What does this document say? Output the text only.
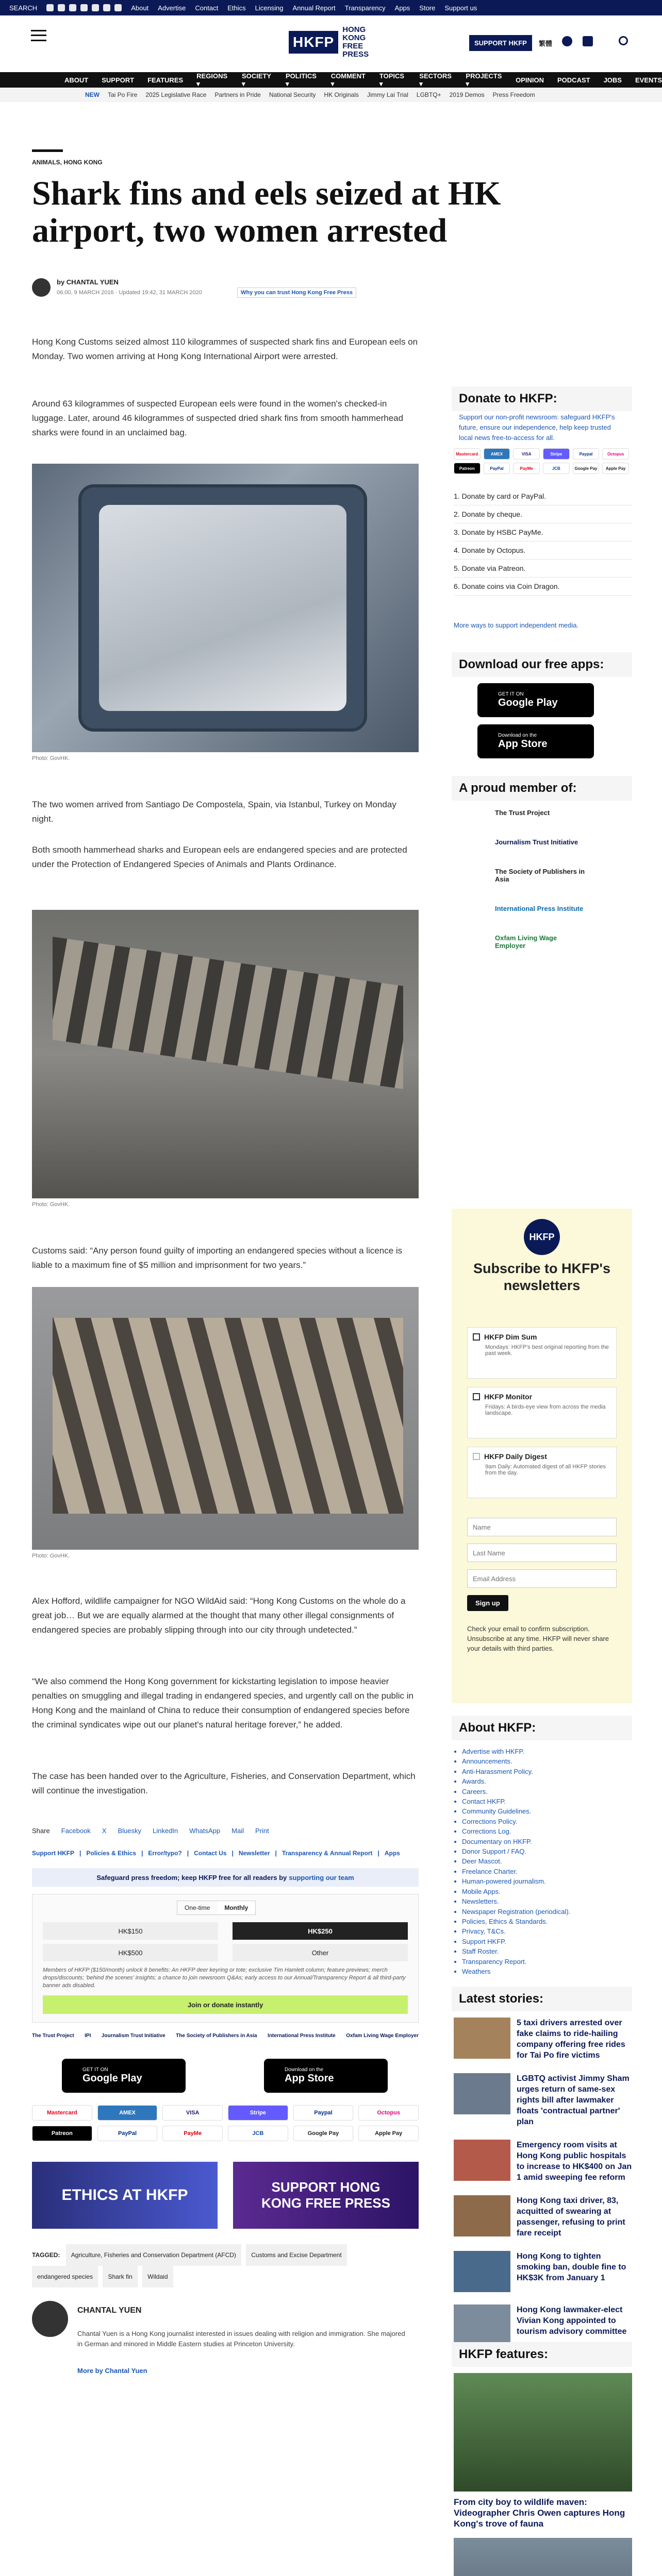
SEARCH	About Advertise Contact Ethics Licensing Annual Report Transparency Apps Store Support us
HKFP
HONG KONG FREE PRESS
SUPPORT HKFP	繁體
ABOUT SUPPORT FEATURES
REGIONS ▾
SOCIETY ▾
POLITICS ▾
COMMENT ▾
TOPICS ▾
SECTORS ▾
PROJECTS ▾	OPINION PODCAST JOBS EVENTS
NEW Tai Po Fire 2025 Legislative Race Partners in Pride National Security HK Originals Jimmy Lai Trial LGBTQ+ 2019 Demos Press Freedom
ANIMALS, HONG KONG
Shark fins and eels seized at HK airport, two women arrested
by CHANTAL YUEN
06:00, 9 MARCH 2016 · Updated 19:42, 31 MARCH 2020	Why you can trust Hong Kong Free Press

Hong Kong Customs seized almost 110 kilogrammes of suspected shark fins and European eels on Monday. Two women arriving at Hong Kong International Airport were arrested.

Around 63 kilogrammes of suspected European eels were found in the women's checked-in luggage. Later, around 46 kilogrammes of suspected dried shark fins from smooth hammerhead sharks were found in an unclaimed bag.

Photo: GovHK.

The two women arrived from Santiago De Compostela, Spain, via Istanbul, Turkey on Monday night.

Both smooth hammerhead sharks and European eels are endangered species and are protected under the Protection of Endangered Species of Animals and Plants Ordinance.

Photo: GovHK.

Customs said: “Any person found guilty of importing an endangered species without a licence is liable to a maximum fine of $5 million and imprisonment for two years.”

Photo: GovHK.

Alex Hofford, wildlife campaigner for NGO WildAid said: “Hong Kong Customs on the whole do a great job… But we are equally alarmed at the thought that many other illegal consignments of endangered species are probably slipping through into our city through undetected.”

“We also commend the Hong Kong government for kickstarting legislation to impose heavier penalties on smuggling and illegal trading in endangered species, and urgently call on the public in Hong Kong and the mainland of China to reduce their consumption of endangered species before the criminal syndicates wipe out our planet's natural heritage forever,” he added.

The case has been handed over to the Agriculture, Fisheries, and Conservation Department, which will continue the investigation.

Share Facebook X Bluesky LinkedIn WhatsApp Mail Print
Support HKFP | Policies & Ethics | Error/typo? | Contact Us | Newsletter | Transparency & Annual Report | Apps
Safeguard press freedom; keep HKFP free for all readers by supporting our team
One-time	Monthly
HK$150	HK$250
HK$500	Other
Members of HKFP ($150/month) unlock 8 benefits: An HKFP deer keyring or tote; exclusive Tim Hamlett column; feature previews; merch drops/discounts; 'behind the scenes' insights; a chance to join newsroom Q&As; early access to our Annual/Transparency Report & all third-party banner ads disabled.
Join or donate instantly
The Trust Project IPI Journalism Trust Initiative The Society of Publishers in Asia International Press Institute Oxfam Living Wage Employer
GET IT ON
Google Play
Download on the
App Store
Mastercard	AMEX	VISA	Stripe	Paypal	Octopus
Patreon	PayPal	PayMe	JCB	Google Pay	Apple Pay
ETHICS AT HKFP	SUPPORT HONG KONG FREE PRESS
TAGGED: Agriculture, Fisheries and Conservation Department (AFCD) Customs and Excise Department
endangered species Shark fin Wildaid
CHANTAL YUEN

Chantal Yuen is a Hong Kong journalist interested in issues dealing with religion and immigration. She majored in German and minored in Middle Eastern studies at Princeton University.

More by Chantal Yuen
Donate to HKFP:

Support our non-profit newsroom: safeguard HKFP's future, ensure our independence, help keep trusted local news free-to-access for all.

Mastercard	AMEX	VISA	Stripe	Paypal	Octopus
Patreon	PayPal	PayMe	JCB	Google Pay	Apple Pay
1. Donate by card or PayPal.
2. Donate by cheque.
3. Donate by HSBC PayMe.
4. Donate by Octopus.
5. Donate via Patreon.
6. Donate coins via Coin Dragon.
More ways to support independent media.
Download our free apps:
GET IT ON
Google Play
Download on the
App Store
A proud member of:
The Trust Project
Journalism Trust Initiative
The Society of Publishers in Asia
International Press Institute
Oxfam Living Wage Employer
HKFP
Subscribe to HKFP's newsletters
HKFP Dim Sum
Mondays: HKFP's best original reporting from the past week.
HKFP Monitor
Fridays: A birds-eye view from across the media landscape.
HKFP Daily Digest
9am Daily: Automated digest of all HKFP stories from the day.
Name
Last Name
Email Address
Sign up

Check your email to confirm subscription. Unsubscribe at any time. HKFP will never share your details with third parties.

About HKFP:
• Advertise with HKFP.
• Announcements.
• Anti-Harassment Policy.
• Awards.
• Careers.
• Contact HKFP.
• Community Guidelines.
• Corrections Policy.
• Corrections Log.
• Documentary on HKFP.
• Donor Support / FAQ.
• Deer Mascot.
• Freelance Charter.
• Human-powered journalism.
• Mobile Apps.
• Newsletters.
• Newspaper Registration (periodical).
• Policies, Ethics & Standards.
• Privacy, T&Cs.
• Support HKFP.
• Staff Roster.
• Transparency Report.
• Weathers
Latest stories:
5 taxi drivers arrested over fake claims to ride-hailing company offering free rides for Tai Po fire victims
LGBTQ activist Jimmy Sham urges return of same-sex rights bill after lawmaker floats 'contractual partner' plan
Emergency room visits at Hong Kong public hospitals to increase to HK$400 on Jan 1 amid sweeping fee reform
Hong Kong taxi driver, 83, acquitted of swearing at passenger, refusing to print fare receipt
Hong Kong to tighten smoking ban, double fine to HK$3K from January 1
Hong Kong lawmaker-elect Vivian Kong appointed to tourism advisory committee
HKFP features:
From city boy to wildlife maven: Videographer Chris Owen captures Hong Kong's trove of fauna
